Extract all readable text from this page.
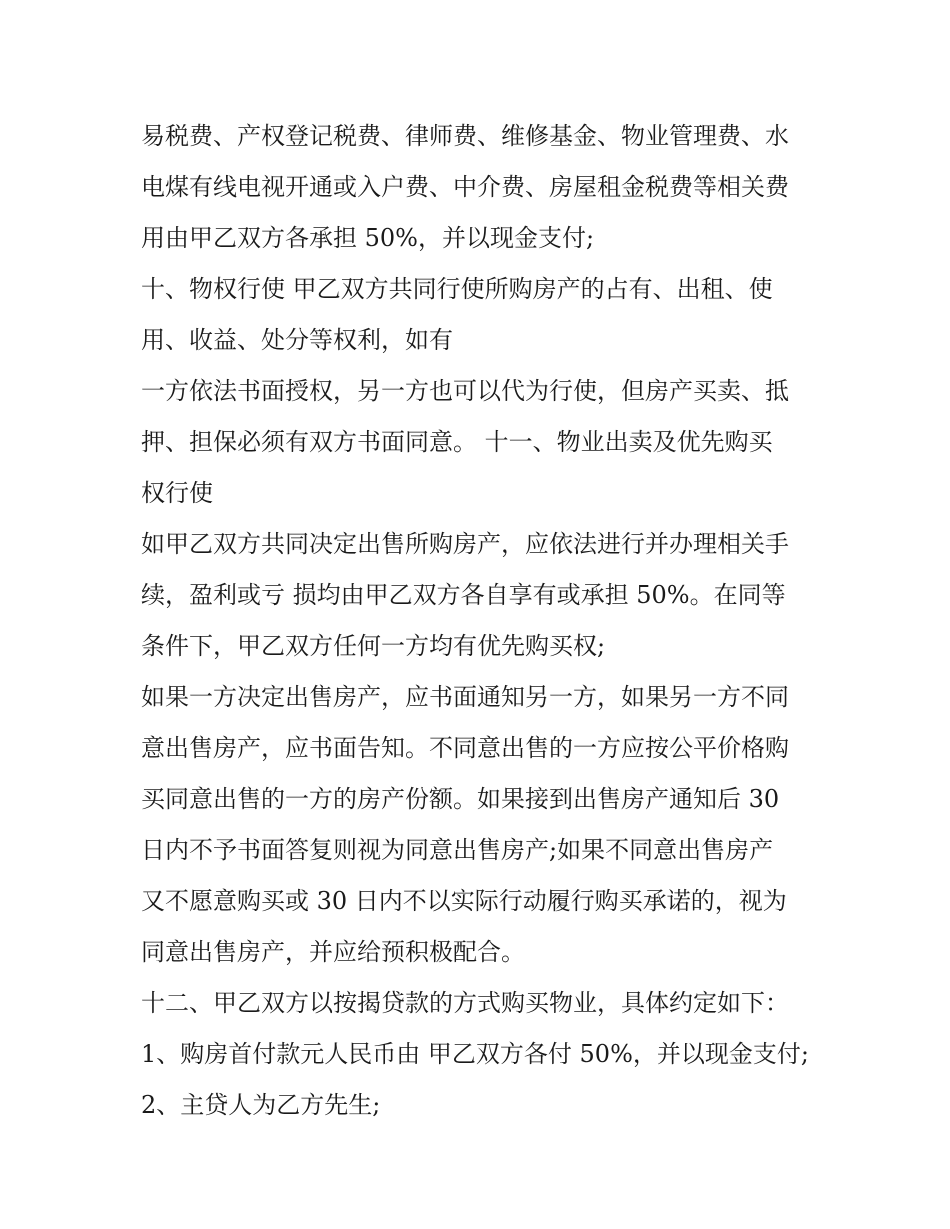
易税费、产权登记税费、律师费、维修基金、物业管理费、水
电煤有线电视开通或入户费、中介费、房屋租金税费等相关费
用由甲乙双方各承担 50%，并以现金支付;
十、物权行使 甲乙双方共同行使所购房产的占有、出租、使
用、收益、处分等权利，如有
一方依法书面授权，另一方也可以代为行使，但房产买卖、抵
押、担保必须有双方书面同意。 十一、物业出卖及优先购买
权行使
如甲乙双方共同决定出售所购房产，应依法进行并办理相关手
续，盈利或亏 损均由甲乙双方各自享有或承担 50%。在同等
条件下，甲乙双方任何一方均有优先购买权;
如果一方决定出售房产，应书面通知另一方，如果另一方不同
意出售房产，应书面告知。不同意出售的一方应按公平价格购
买同意出售的一方的房产份额。如果接到出售房产通知后 30
日内不予书面答复则视为同意出售房产;如果不同意出售房产
又不愿意购买或 30 日内不以实际行动履行购买承诺的，视为
同意出售房产，并应给预积极配合。
十二、甲乙双方以按揭贷款的方式购买物业，具体约定如下：
1、购房首付款元人民币由 甲乙双方各付 50%，并以现金支付;
2、主贷人为乙方先生;
